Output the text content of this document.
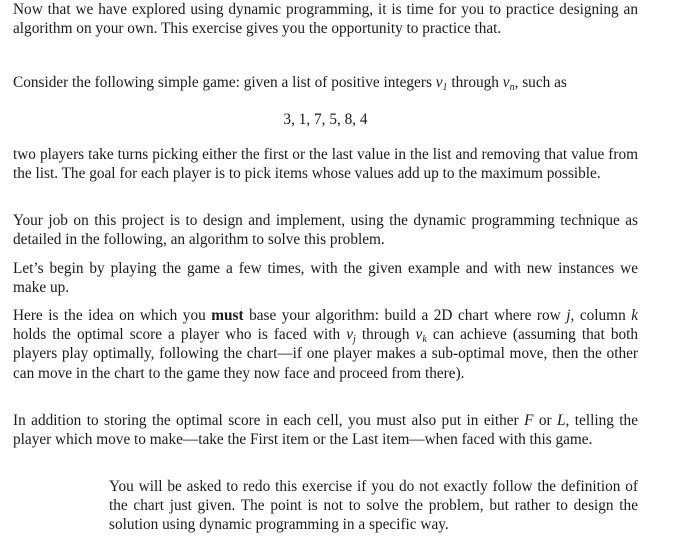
Now that we have explored using dynamic programming, it is time for you to practice designing an algorithm on your own. This exercise gives you the opportunity to practice that.

Consider the following simple game: given a list of positive integers $v_1$ through $v_n$, such as

3, 1, 7, 5, 8, 4

two players take turns picking either the first or the last value in the list and removing that value from the list. The goal for each player is to pick items whose values add up to the maximum possible.

Your job on this project is to design and implement, using the dynamic programming technique as detailed in the following, an algorithm to solve this problem.

Let’s begin by playing the game a few times, with the given example and with new instances we make up.

Here is the idea on which you must base your algorithm: build a 2D chart where row j, column k holds the optimal score a player who is faced with $v_j$ through $v_k$ can achieve (assuming that both players play optimally, following the chart—if one player makes a sub-optimal move, then the other can move in the chart to the game they now face and proceed from there).

In addition to storing the optimal score in each cell, you must also put in either F or L, telling the player which move to make—take the First item or the Last item—when faced with this game.

You will be asked to redo this exercise if you do not exactly follow the definition of the chart just given. The point is not to solve the problem, but rather to design the solution using dynamic programming in a specific way.
